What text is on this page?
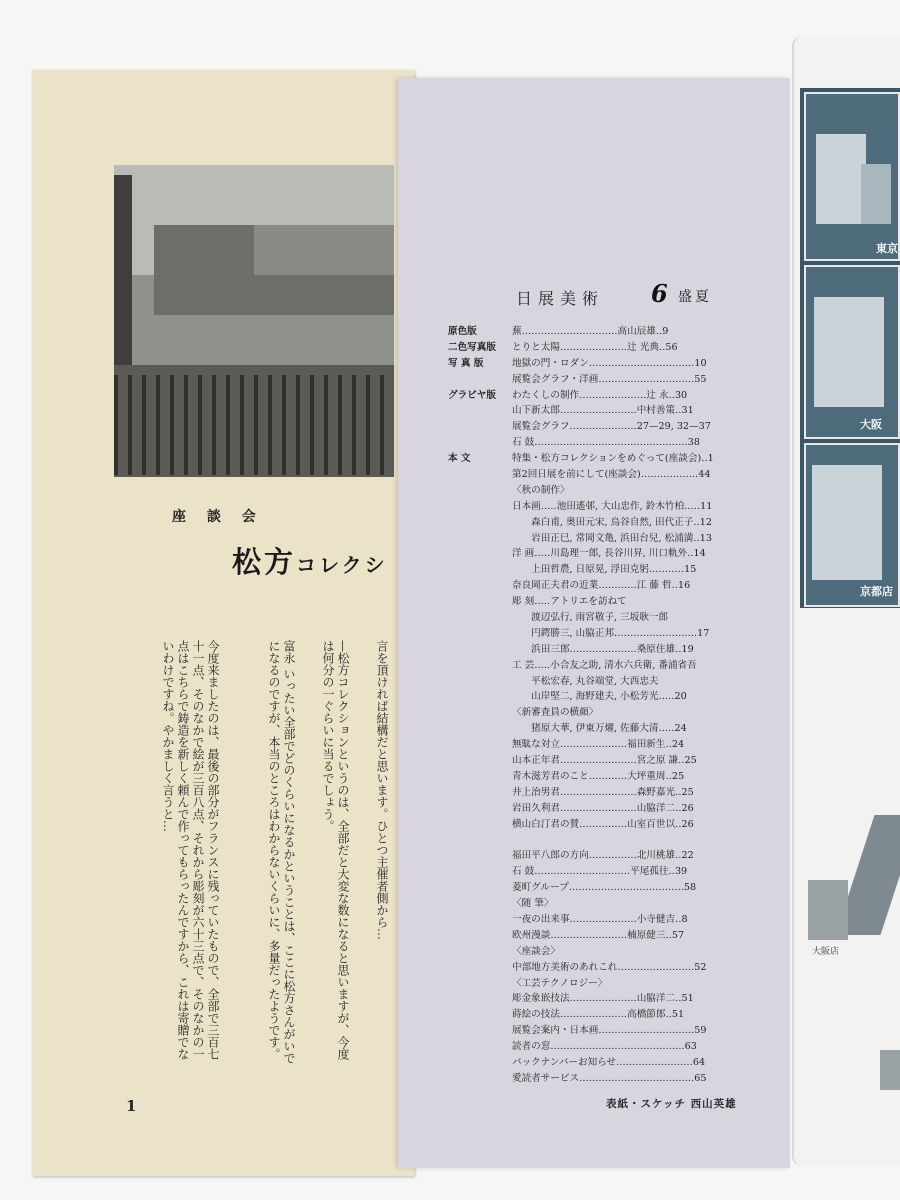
東京
大阪
京都店
大阪店
座 談 会
松方コレクシ
言を頂ければ結構だと思います。ひとつ主催者側から…
—松方コレクションというのは、全部だと大変な数になると思いますが、今度は何分の一ぐらいに当るでしょう。
富永 いったい全部でどのくらいになるかということは、ここに松方さんがいでになるのですが、本当のところはわからないくらいに、多量だったようです。
今度来ましたのは、最後の部分がフランスに残っていたもので、全部で三百七十一点、そのなかで絵が三百八点、それから彫刻が六十三点で、そのなかの一点はこちらで鋳造を新しく頼んで作ってもらったんですから、これは寄贈でないわけですね。やかましく言うと…
1
日展美術 6 盛夏
原色版	蕪…………………………高山辰雄‥9
二色写真版	とりと太陽…………………辻 光典‥56
写 真 版	地獄の門・ロダン……………………………10
展覧会グラフ・洋画…………………………55
グラビヤ版	わたくしの制作…………………辻 永‥30
山下新太郎……………………中村善策‥31
展覧会グラフ…………………27—29, 32—37
石 鼓…………………………………………38
本 文	特集・松方コレクションをめぐって(座談会)‥1
第2回日展を前にして(座談会)………………44
〈秋の制作〉
日本画…‥池田遙邨, 大山忠作, 鈴木竹柏…‥11
　　森白甫, 奥田元宋, 烏谷自然, 田代正子‥12
　　岩田正巳, 常岡文亀, 浜田台兒, 松浦満‥13
洋 画…‥川島理一郎, 長谷川昇, 川口軌外‥14
　　上田哲農, 日原晃, 浮田克躬………‥15
奈良岡正夫君の近業…………江 藤 哲‥16
彫 刻…‥アトリエを訪ねて
　　渡辺弘行, 雨宮敬子, 三坂耿一郎
　　円鍔勝三, 山脇正邦……………………‥17
　　浜田三郎…………………桑原住雄‥19
工 芸…‥小合友之助, 清水六兵衛, 番浦省吾
　　平松宏春, 丸谷端堂, 大西忠夫
　　山岸堅二, 海野建夫, 小松芳光…‥20
〈新審査員の横顔〉
　　猪原大華, 伊東万燿, 佐藤大清…‥24
無駄な対立…………………福田新生‥24
山本正年君……………………宮之原 謙‥25
青木滋芳君のこと…………大坪重周‥25
井上治男君……………………森野嘉光‥25
岩田久利君……………………山脇洋二‥26
横山白汀君の賛……………山室百世以‥26
福田平八郎の方向……………北川桃雄‥22
石 鼓…………………………平尾孤往‥39
菱町グループ………………………………58
〈随 筆〉
一夜の出来事…………………小寺健吉‥8
欧州漫談……………………楠原健三‥57
〈座談会〉
中部地方美術のあれこれ……………………52
〈工芸テクノロジー〉
彫金象嵌技法…………………山脇洋二‥51
蒔絵の技法…………………高橋節郎‥51
展覧会案内・日本画…………………………59
読者の窓……………………………………63
バックナンバーお知らせ……………………64
愛読者サービス………………………………65
表紙・スケッチ 西山英雄
